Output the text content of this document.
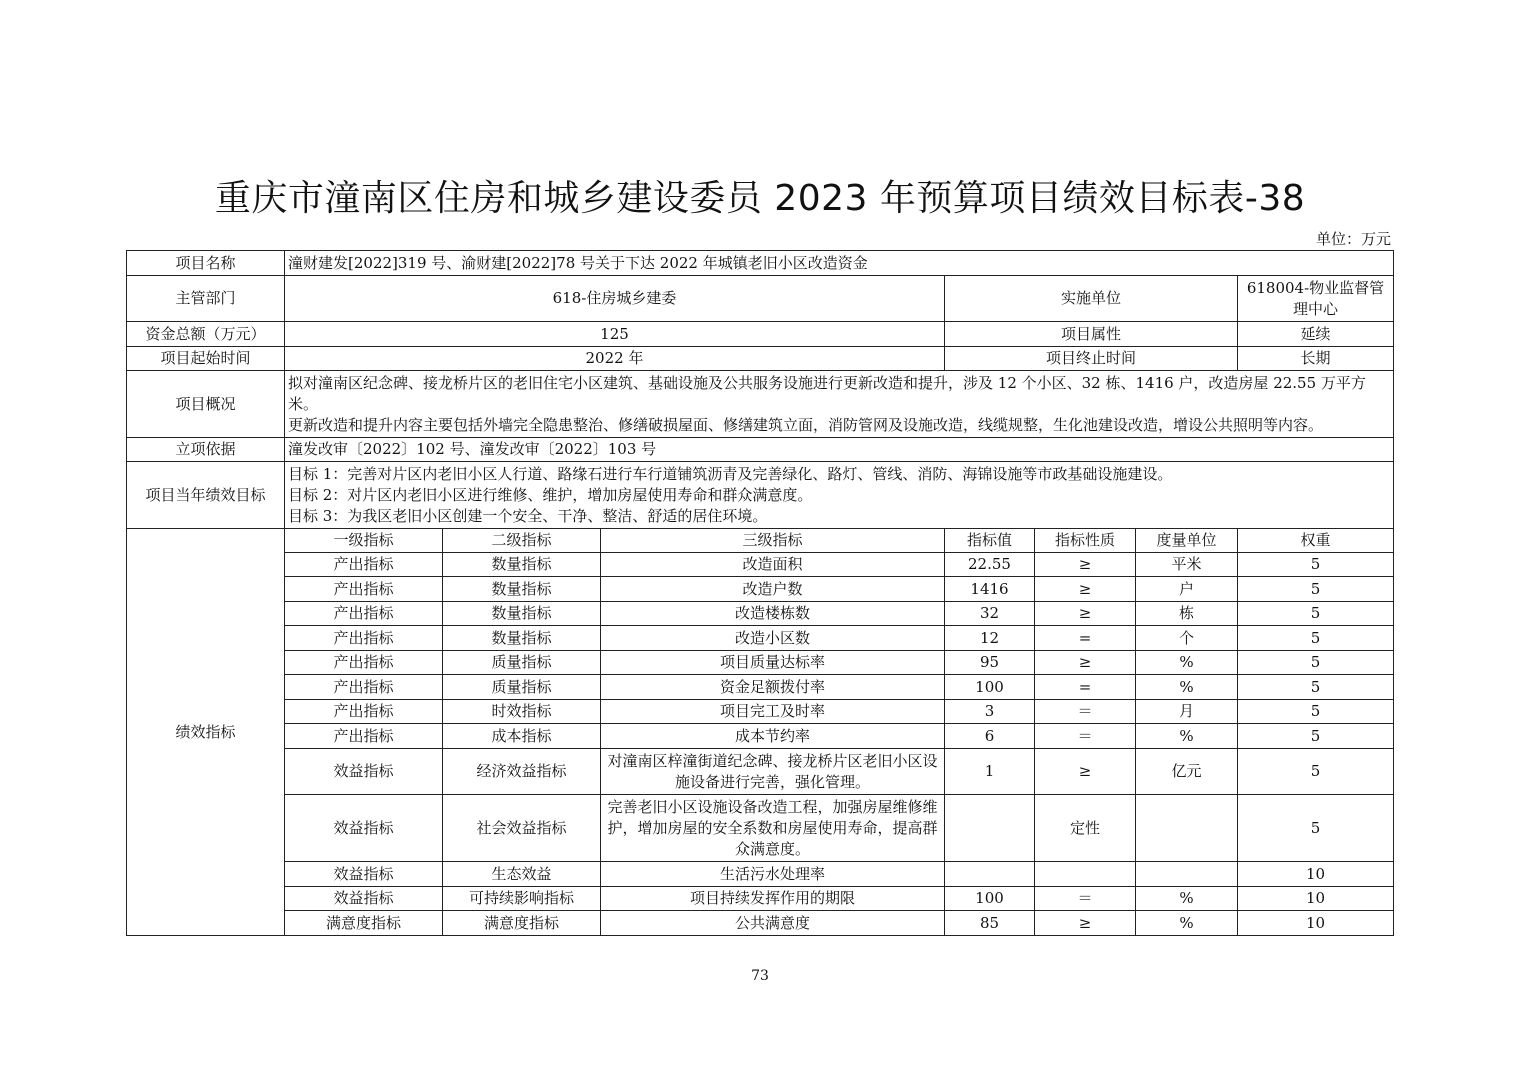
重庆市潼南区住房和城乡建设委员 2023 年预算项目绩效目标表-38
单位：万元
项目名称	潼财建发[2022]319 号、渝财建[2022]78 号关于下达 2022 年城镇老旧小区改造资金						
主管部门	618-住房城乡建委			实施单位			618004-物业监督管理中心
资金总额（万元）	125			项目属性			延续
项目起始时间	2022 年			项目终止时间			长期
项目概况	拟对潼南区纪念碑、接龙桥片区的老旧住宅小区建筑、基础设施及公共服务设施进行更新改造和提升，涉及 12 个小区、32 栋、1416 户，改造房屋 22.55 万平方米。
更新改造和提升内容主要包括外墙完全隐患整治、修缮破损屋面、修缮建筑立面，消防管网及设施改造，线缆规整，生化池建设改造，增设公共照明等内容。						

立项依据	潼发改审〔2022〕102 号、潼发改审〔2022〕103 号						
项目当年绩效目标	目标 1：完善对片区内老旧小区人行道、路缘石进行车行道铺筑沥青及完善绿化、路灯、管线、消防、海锦设施等市政基础设施建设。
目标 2：对片区内老旧小区进行维修、维护，增加房屋使用寿命和群众满意度。
目标 3：为我区老旧小区创建一个安全、干净、整洁、舒适的居住环境。						

绩效指标	一级指标	二级指标	三级指标	指标值	指标性质	度量单位	权重
	产出指标	数量指标	改造面积	22.55	≥	平米	5
	产出指标	数量指标	改造户数	1416	≥	户	5
	产出指标	数量指标	改造楼栋数	32	≥	栋	5
	产出指标	数量指标	改造小区数	12	=	个	5
	产出指标	质量指标	项目质量达标率	95	≥	%	5
	产出指标	质量指标	资金足额拨付率	100	=	%	5
	产出指标	时效指标	项目完工及时率	3	＝	月	5
	产出指标	成本指标	成本节约率	6	＝	%	5
	效益指标	经济效益指标	对潼南区梓潼街道纪念碑、接龙桥片区老旧小区设施设备进行完善，强化管理。	1	≥	亿元	5
	效益指标	社会效益指标	完善老旧小区设施设备改造工程，加强房屋维修维护，增加房屋的安全系数和房屋使用寿命，提高群众满意度。		定性		5
	效益指标	生态效益	生活污水处理率				10
	效益指标	可持续影响指标	项目持续发挥作用的期限	100	＝	%	10
	满意度指标	满意度指标	公共满意度	85	≥	%	10
73
